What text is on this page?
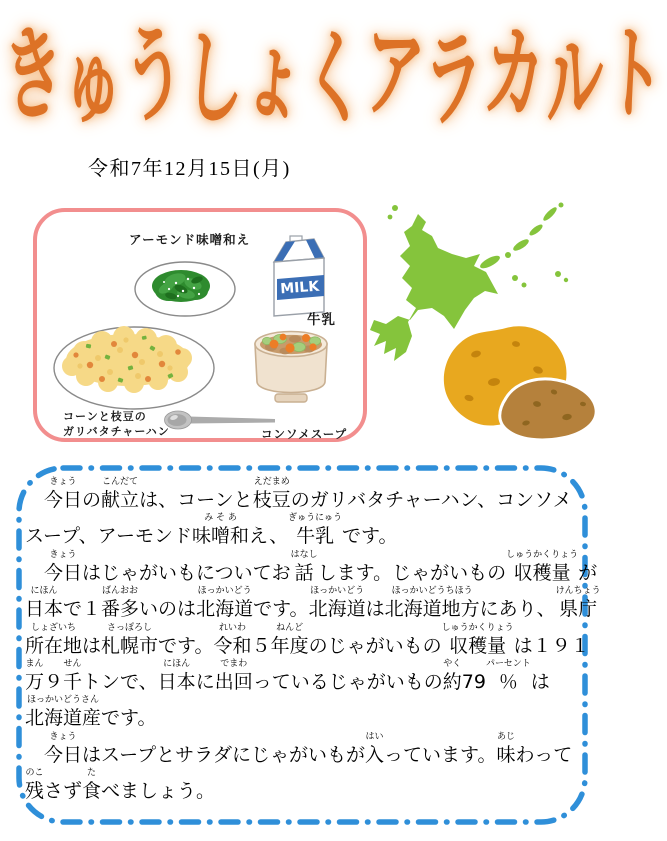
き
ゅ
う
し
ょ
く
ア
ラ
カ
ル
ト
令和7年12月15日(月)
アーモンド味噌和え
MILK
牛乳
コーンと枝豆の
ガリバタチャーハン	コンソメスープ

きょう
今日
の
こんだて
献立
は、コーンと
えだまめ
枝豆
のガリバタチャーハン、コンソメ

スープ、アーモンド
み そ あ
味噌和
え、
ぎゅうにゅう
牛乳
です。

きょう
今日
はじゃがいもについてお
はなし
話
します。じゃがいもの
しゅうかくりょう
収穫量
が
にほん
日本
で１
ばんおお
番多
いのは
ほっかいどう
北海道
です。
ほっかいどう
北海道
は
ほっかいどうちほう
北海道地方
にあり、
けんちょう
県庁
しょざいち
所在地
は
さっぽろし
札幌市
です。
れいわ
令和
５
ねんど
年度
のじゃがいもの
しゅうかくりょう
収穫量
は１９１
まん
万
９
せん
千
トンで、
にほん
日本
に
でまわ
出回
っているじゃがいもの
やく
約
79
パーセント
％
は
ほっかいどうさん
北海道産
です。

きょう
今日
はスープとサラダにじゃがいもが
はい
入
っています。
あじ
味
わって
のこ
残
さず
た
食
べましょう。
